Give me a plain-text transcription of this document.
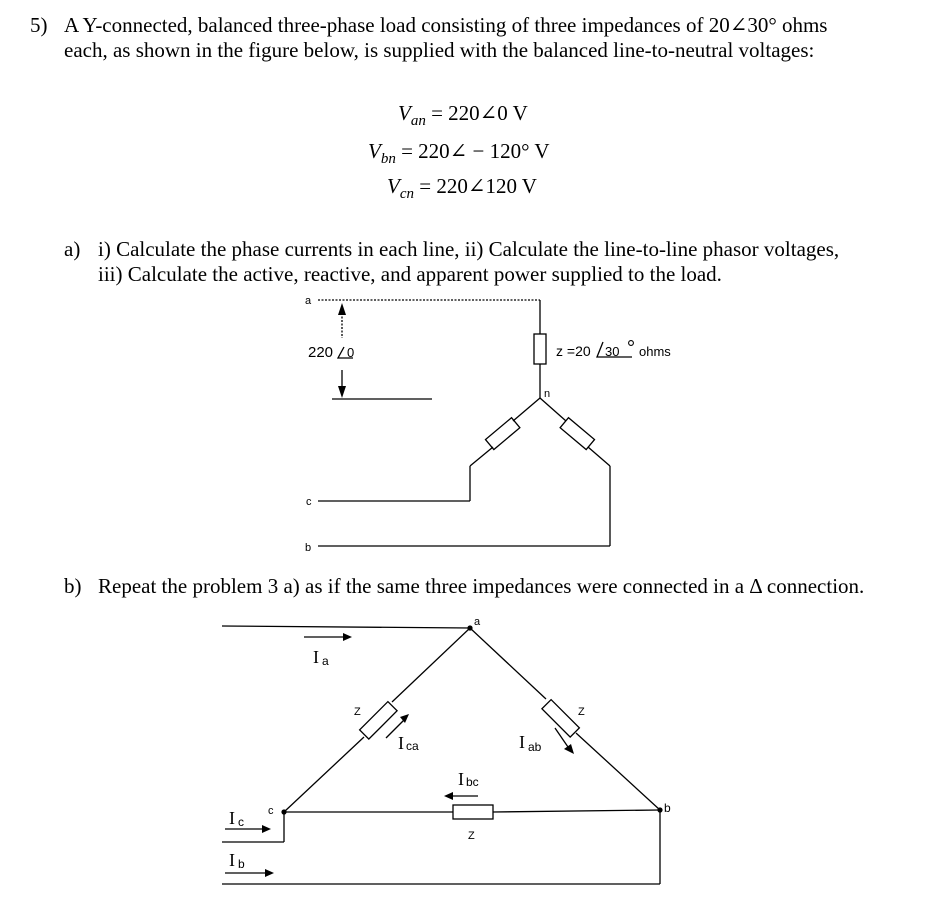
5) A Y-connected, balanced three-phase load consisting of three impedances of 20∠30° ohms
each, as shown in the figure below, is supplied with the balanced line-to-neutral voltages:
$V_{an}$ = 220∠0 V
$V_{bn}$ = 220∠ − 120° V
$V_{cn}$ = 220∠120 V
a) i) Calculate the phase currents in each line, ii) Calculate the line-to-line phasor voltages,
iii) Calculate the active, reactive, and apparent power supplied to the load.
b) Repeat the problem 3 a) as if the same three impedances were connected in a Δ connection.
a
n
c
b
220 0	z =20 30 ohms
a
b
c
Z	Z
Z
Ia
Ic
Ib
Ica	Iab
Ibc
